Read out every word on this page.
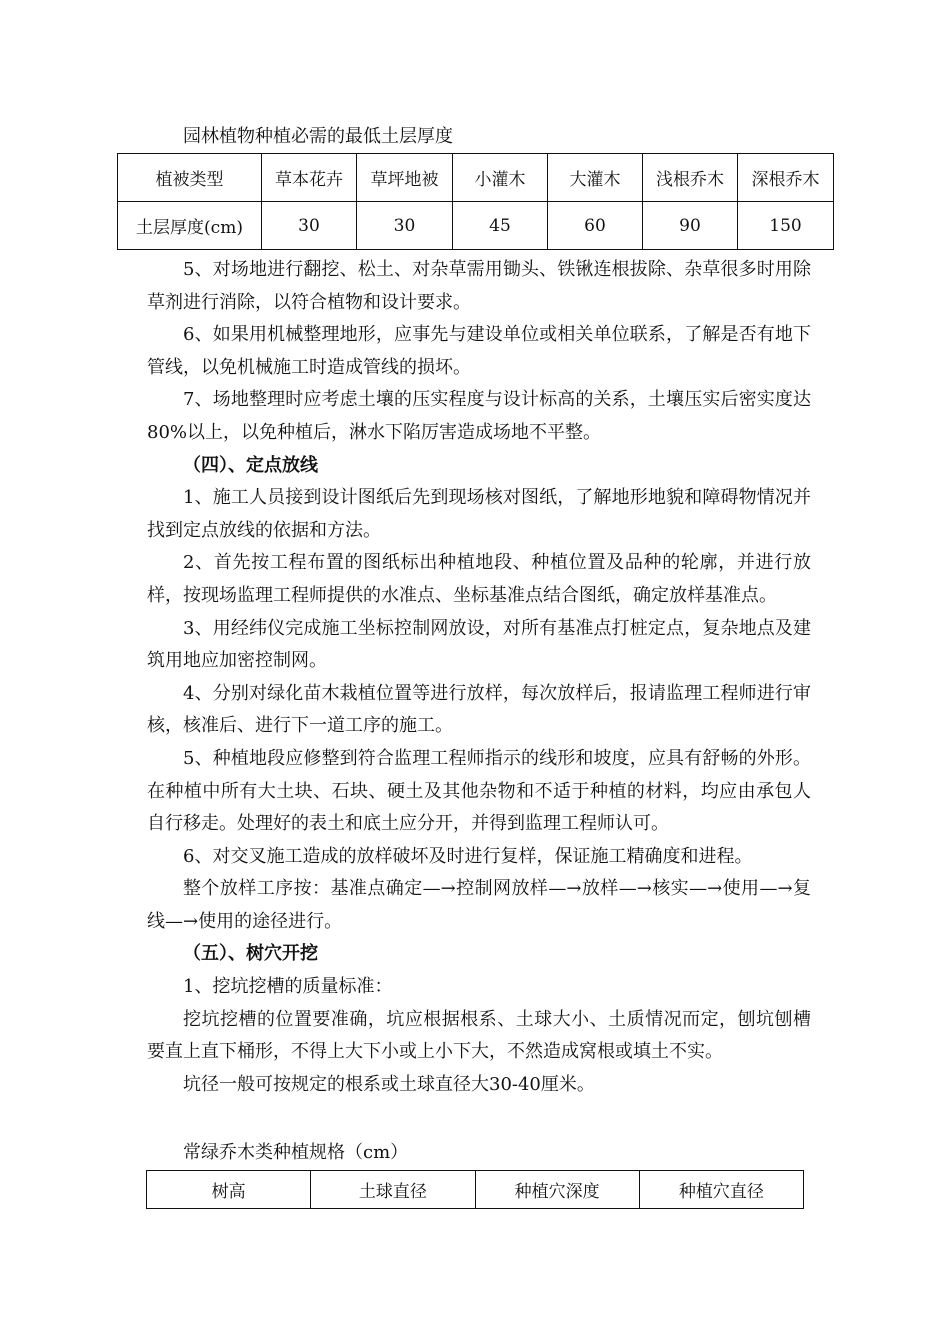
园林植物种植必需的最低土层厚度
植被类型	草本花卉	草坪地被	小灌木	大灌木	浅根乔木	深根乔木
土层厚度(cm)	30	30	45	60	90	150

5、对场地进行翻挖、松土、对杂草需用锄头、铁锹连根拔除、杂草很多时用除草剂进行消除，以符合植物和设计要求。

6、如果用机械整理地形，应事先与建设单位或相关单位联系，了解是否有地下管线，以免机械施工时造成管线的损坏。

7、场地整理时应考虑土壤的压实程度与设计标高的关系，土壤压实后密实度达80%以上，以免种植后，淋水下陷厉害造成场地不平整。

（四）、定点放线

1、施工人员接到设计图纸后先到现场核对图纸，了解地形地貌和障碍物情况并找到定点放线的依据和方法。

2、首先按工程布置的图纸标出种植地段、种植位置及品种的轮廓，并进行放样，按现场监理工程师提供的水准点、坐标基准点结合图纸，确定放样基准点。

3、用经纬仪完成施工坐标控制网放设，对所有基准点打桩定点，复杂地点及建筑用地应加密控制网。

4、分别对绿化苗木栽植位置等进行放样，每次放样后，报请监理工程师进行审核，核准后、进行下一道工序的施工。

5、种植地段应修整到符合监理工程师指示的线形和坡度，应具有舒畅的外形。在种植中所有大土块、石块、硬土及其他杂物和不适于种植的材料，均应由承包人自行移走。处理好的表土和底土应分开，并得到监理工程师认可。

6、对交叉施工造成的放样破坏及时进行复样，保证施工精确度和进程。

整个放样工序按：基准点确定—→控制网放样—→放样—→核实—→使用—→复线—→使用的途径进行。

（五）、树穴开挖

1、挖坑挖槽的质量标准：

挖坑挖槽的位置要准确，坑应根据根系、土球大小、土质情况而定，刨坑刨槽要直上直下桶形，不得上大下小或上小下大，不然造成窝根或填土不实。

坑径一般可按规定的根系或土球直径大30-40厘米。

常绿乔木类种植规格（cm）
树高	土球直径	种植穴深度	种植穴直径
